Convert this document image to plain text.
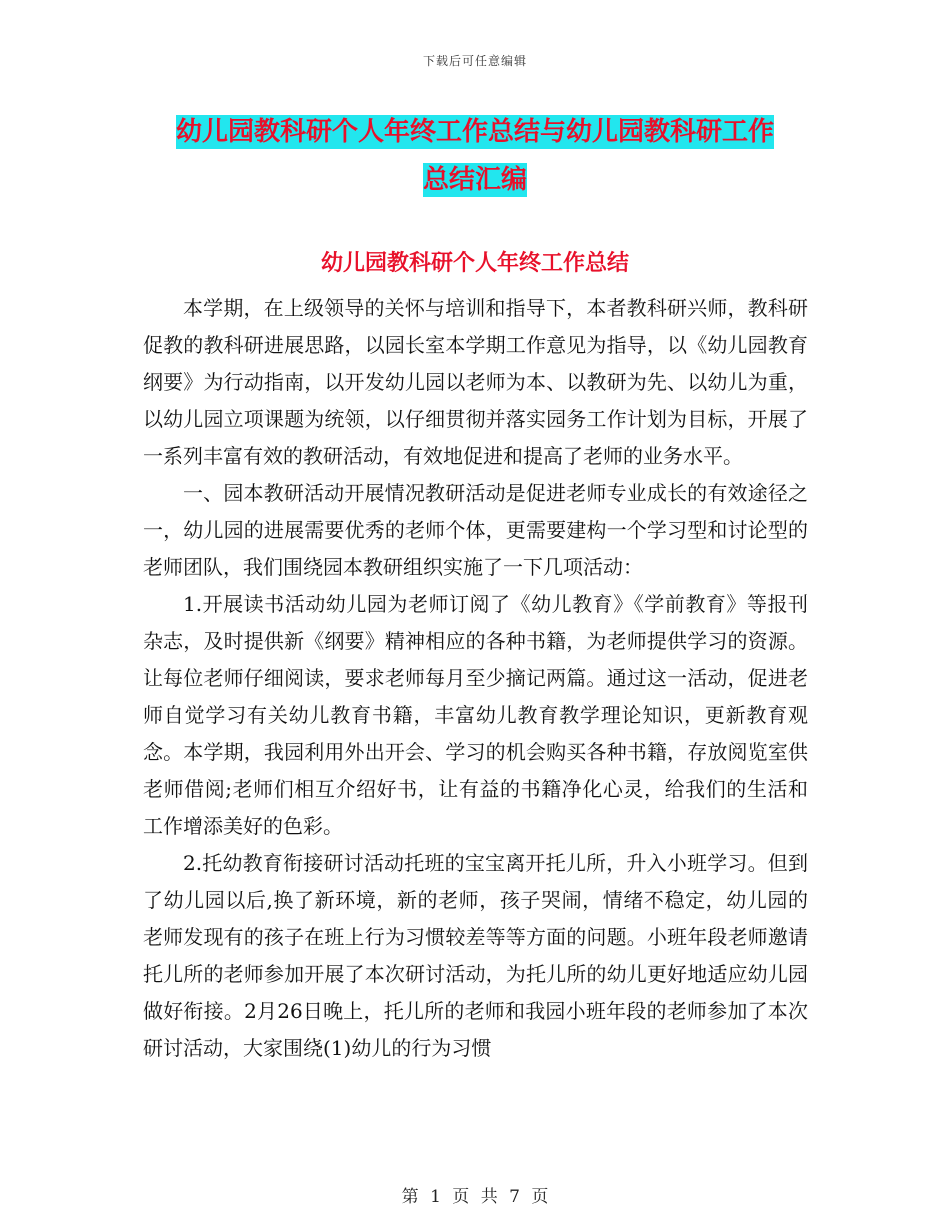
下载后可任意编辑
幼儿园教科研个人年终工作总结与幼儿园教科研工作
总结汇编
幼儿园教科研个人年终工作总结

本学期，在上级领导的关怀与培训和指导下，本者教科研兴师，教科研促教的教科研进展思路，以园长室本学期工作意见为指导，以《幼儿园教育纲要》为行动指南，以开发幼儿园以老师为本、以教研为先、以幼儿为重，以幼儿园立项课题为统领，以仔细贯彻并落实园务工作计划为目标，开展了一系列丰富有效的教研活动，有效地促进和提高了老师的业务水平。

一、园本教研活动开展情况教研活动是促进老师专业成长的有效途径之一，幼儿园的进展需要优秀的老师个体，更需要建构一个学习型和讨论型的老师团队，我们围绕园本教研组织实施了一下几项活动：

1.开展读书活动幼儿园为老师订阅了《幼儿教育》《学前教育》等报刊杂志，及时提供新《纲要》精神相应的各种书籍，为老师提供学习的资源。让每位老师仔细阅读，要求老师每月至少摘记两篇。通过这一活动，促进老师自觉学习有关幼儿教育书籍，丰富幼儿教育教学理论知识，更新教育观念。本学期，我园利用外出开会、学习的机会购买各种书籍，存放阅览室供老师借阅;老师们相互介绍好书，让有益的书籍净化心灵，给我们的生活和工作增添美好的色彩。

2.托幼教育衔接研讨活动托班的宝宝离开托儿所，升入小班学习。但到了幼儿园以后,换了新环境，新的老师，孩子哭闹，情绪不稳定，幼儿园的老师发现有的孩子在班上行为习惯较差等等方面的问题。小班年段老师邀请托儿所的老师参加开展了本次研讨活动，为托儿所的幼儿更好地适应幼儿园做好衔接。2月26日晚上，托儿所的老师和我园小班年段的老师参加了本次研讨活动，大家围绕(1)幼儿的行为习惯

第 1 页 共 7 页
